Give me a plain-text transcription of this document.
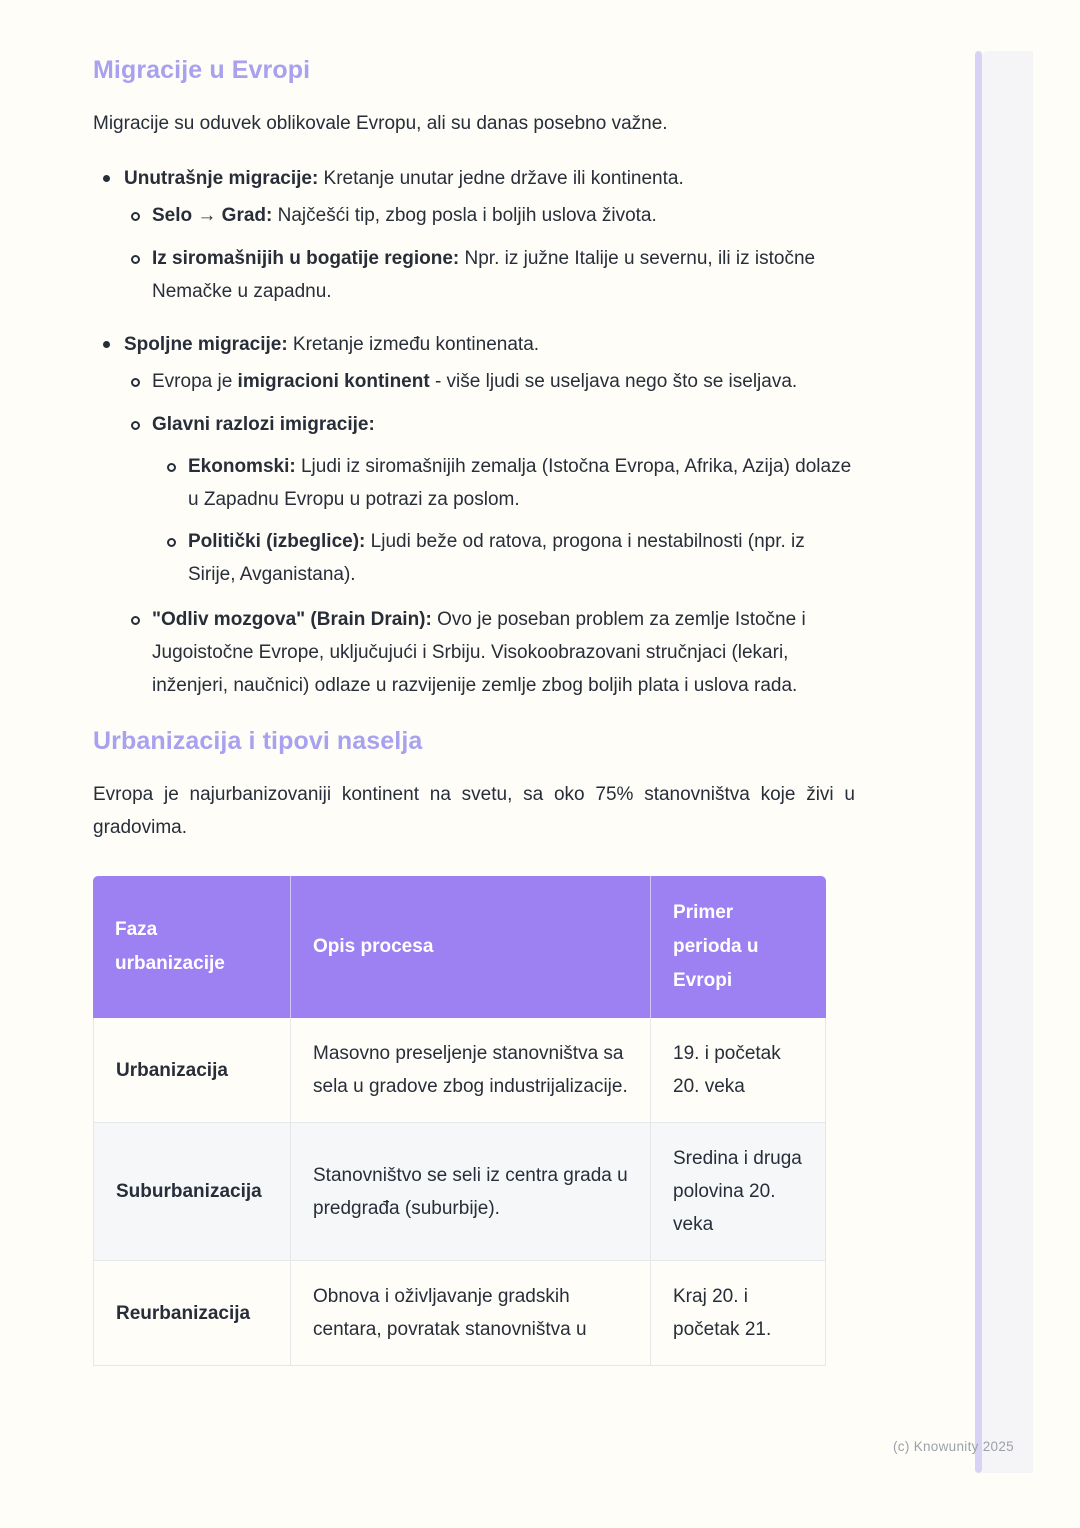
Migracije u Evropi

Migracije su oduvek oblikovale Evropu, ali su danas posebno važne.

Unutrašnje migracije: Kretanje unutar jedne države ili kontinenta.

Selo → Grad: Najčešći tip, zbog posla i boljih uslova života.

Iz siromašnijih u bogatije regione: Npr. iz južne Italije u severnu, ili iz istočne Nemačke u zapadnu.

Spoljne migracije: Kretanje između kontinenata.

Evropa je imigracioni kontinent - više ljudi se useljava nego što se iseljava.

Glavni razlozi imigracije:

Ekonomski: Ljudi iz siromašnijih zemalja (Istočna Evropa, Afrika, Azija) dolaze u Zapadnu Evropu u potrazi za poslom.

Politički (izbeglice): Ljudi beže od ratova, progona i nestabilnosti (npr. iz Sirije, Avganistana).

"Odliv mozgova" (Brain Drain): Ovo je poseban problem za zemlje Istočne i Jugoistočne Evrope, uključujući i Srbiju. Visokoobrazovani stručnjaci (lekari, inženjeri, naučnici) odlaze u razvijenije zemlje zbog boljih plata i uslova rada.

Urbanizacija i tipovi naselja

Evropa je najurbanizovaniji kontinent na svetu, sa oko 75% stanovništva koje živi u gradovima.

Faza urbanizacije	Opis procesa	Primer perioda u Evropi
Urbanizacija	Masovno preseljenje stanovništva sa sela u gradove zbog industrijalizacije.	19. i početak 20. veka
Suburbanizacija	Stanovništvo se seli iz centra grada u predgrađa (suburbije).	Sredina i druga polovina 20. veka
Reurbanizacija	Obnova i oživljavanje gradskih centara, povratak stanovništva u	Kraj 20. i početak 21.
(c) Knowunity 2025
